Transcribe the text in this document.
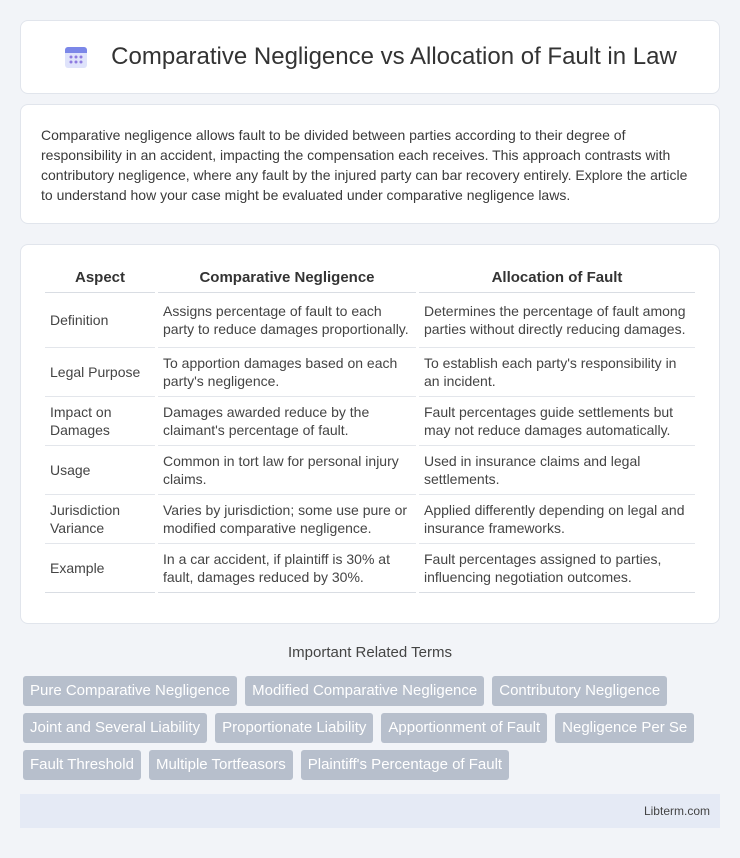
Comparative Negligence vs Allocation of Fault in Law

Comparative negligence allows fault to be divided between parties according to their degree of responsibility in an accident, impacting the compensation each receives. This approach contrasts with contributory negligence, where any fault by the injured party can bar recovery entirely. Explore the article to understand how your case might be evaluated under comparative negligence laws.

Aspect	Comparative Negligence	Allocation of Fault
Definition	Assigns percentage of fault to each party to reduce damages proportionally.	Determines the percentage of fault among parties without directly reducing damages.
Legal Purpose	To apportion damages based on each party's negligence.	To establish each party's responsibility in an incident.
Impact on Damages	Damages awarded reduce by the claimant's percentage of fault.	Fault percentages guide settlements but may not reduce damages automatically.
Usage	Common in tort law for personal injury claims.	Used in insurance claims and legal settlements.
Jurisdiction Variance	Varies by jurisdiction; some use pure or modified comparative negligence.	Applied differently depending on legal and insurance frameworks.
Example	In a car accident, if plaintiff is 30% at fault, damages reduced by 30%.	Fault percentages assigned to parties, influencing negotiation outcomes.
Important Related Terms
Pure Comparative Negligence	Modified Comparative Negligence	Contributory Negligence
Joint and Several Liability	Proportionate Liability	Apportionment of Fault	Negligence Per Se
Fault Threshold	Multiple Tortfeasors	Plaintiff's Percentage of Fault
Libterm.com
